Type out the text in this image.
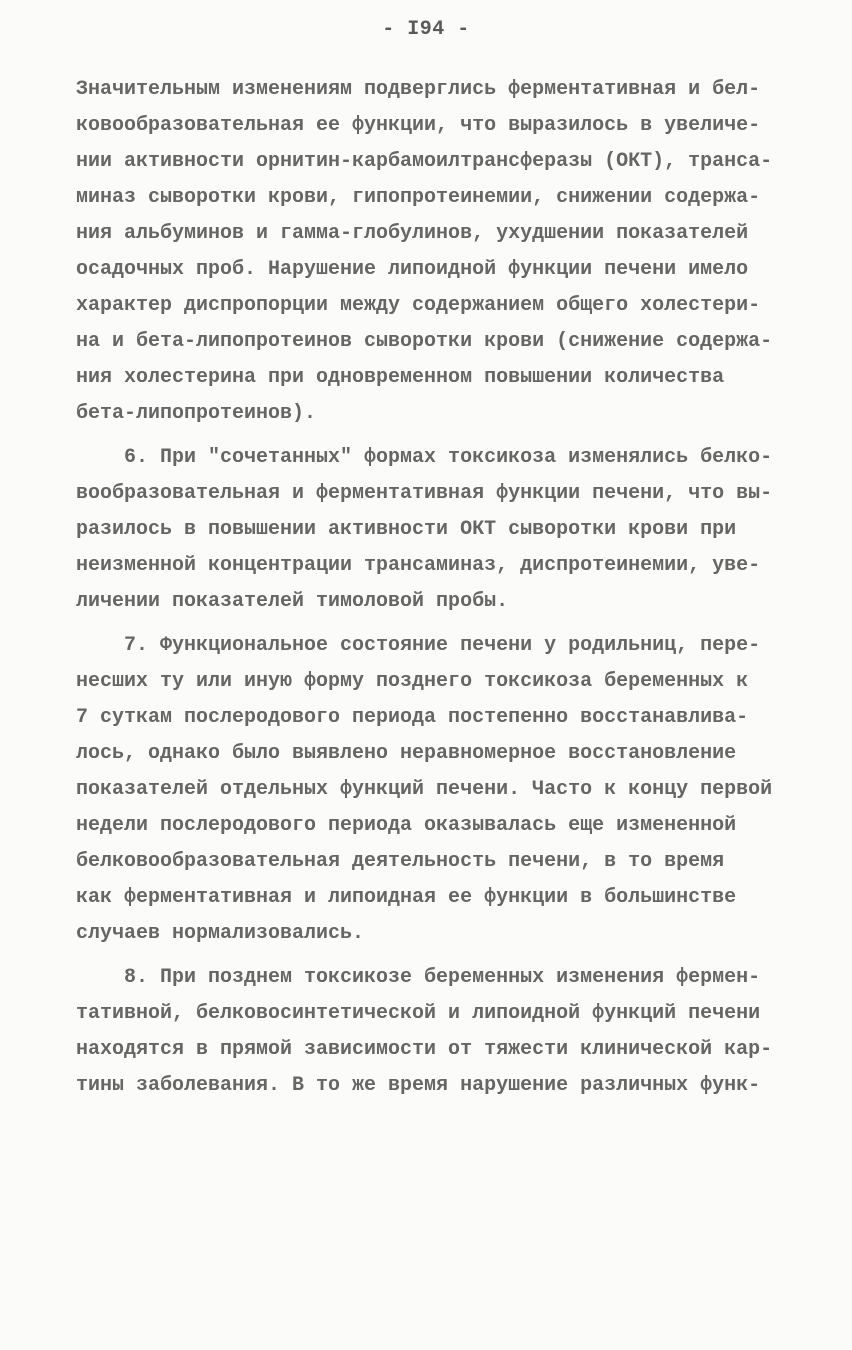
- I94 -
Значительным изменениям подверглись ферментативная и бел-
ковообразовательная ее функции, что выразилось в увеличе-
нии активности орнитин-карбамоилтрансферазы (ОКТ), транса-
миназ сыворотки крови, гипопротеинемии, снижении содержа-
ния альбуминов и гамма-глобулинов, ухудшении показателей
осадочных проб. Нарушение липоидной функции печени имело
характер диспропорции между содержанием общего холестери-
на и бета-липопротеинов сыворотки крови (снижение содержа-
ния холестерина при одновременном повышении количества
бета-липопротеинов).
6. При "сочетанных" формах токсикоза изменялись белко-
вообразовательная и ферментативная функции печени, что вы-
разилось в повышении активности ОКТ сыворотки крови при
неизменной концентрации трансаминаз, диспротеинемии, уве-
личении показателей тимоловой пробы.
7. Функциональное состояние печени у родильниц, пере-
несших ту или иную форму позднего токсикоза беременных к
7 суткам послеродового периода постепенно восстанавлива-
лось, однако было выявлено неравномерное восстановление
показателей отдельных функций печени. Часто к концу первой
недели послеродового периода оказывалась еще измененной
белковообразовательная деятельность печени, в то время
как ферментативная и липоидная ее функции в большинстве
случаев нормализовались.
8. При позднем токсикозе беременных изменения фермен-
тативной, белковосинтетической и липоидной функций печени
находятся в прямой зависимости от тяжести клинической кар-
тины заболевания. В то же время нарушение различных функ-
